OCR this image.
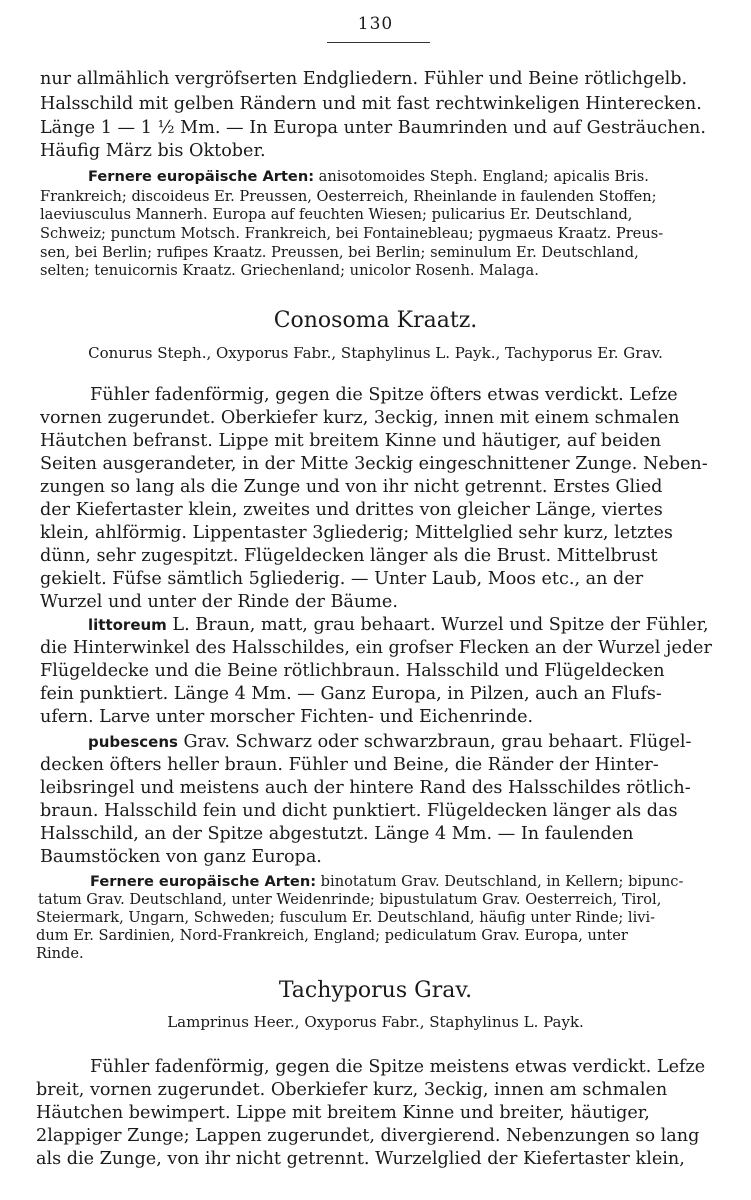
130
nur allmählich vergröfserten Endgliedern. Fühler und Beine rötlichgelb.
Halsschild mit gelben Rändern und mit fast rechtwinkeligen Hinterecken.
Länge 1 — 1 ½ Mm. — In Europa unter Baumrinden und auf Gesträuchen.
Häufig März bis Oktober.
Fernere europäische Arten: anisotomoides Steph. England; apicalis Bris.
Frankreich; discoideus Er. Preussen, Oesterreich, Rheinlande in faulenden Stoffen;
laeviusculus Mannerh. Europa auf feuchten Wiesen; pulicarius Er. Deutschland,
Schweiz; punctum Motsch. Frankreich, bei Fontainebleau; pygmaeus Kraatz. Preus-
sen, bei Berlin; rufipes Kraatz. Preussen, bei Berlin; seminulum Er. Deutschland,
selten; tenuicornis Kraatz. Griechenland; unicolor Rosenh. Malaga.
Conosoma Kraatz.
Conurus Steph., Oxyporus Fabr., Staphylinus L. Payk., Tachyporus Er. Grav.
Fühler fadenförmig, gegen die Spitze öfters etwas verdickt. Lefze
vornen zugerundet. Oberkiefer kurz, 3eckig, innen mit einem schmalen
Häutchen befranst. Lippe mit breitem Kinne und häutiger, auf beiden
Seiten ausgerandeter, in der Mitte 3eckig eingeschnittener Zunge. Neben-
zungen so lang als die Zunge und von ihr nicht getrennt. Erstes Glied
der Kiefertaster klein, zweites und drittes von gleicher Länge, viertes
klein, ahlförmig. Lippentaster 3gliederig; Mittelglied sehr kurz, letztes
dünn, sehr zugespitzt. Flügeldecken länger als die Brust. Mittelbrust
gekielt. Füfse sämtlich 5gliederig. — Unter Laub, Moos etc., an der
Wurzel und unter der Rinde der Bäume.
littoreum L. Braun, matt, grau behaart. Wurzel und Spitze der Fühler,
die Hinterwinkel des Halsschildes, ein grofser Flecken an der Wurzel jeder
Flügeldecke und die Beine rötlichbraun. Halsschild und Flügeldecken
fein punktiert. Länge 4 Mm. — Ganz Europa, in Pilzen, auch an Flufs-
ufern. Larve unter morscher Fichten- und Eichenrinde.
pubescens Grav. Schwarz oder schwarzbraun, grau behaart. Flügel-
decken öfters heller braun. Fühler und Beine, die Ränder der Hinter-
leibsringel und meistens auch der hintere Rand des Halsschildes rötlich-
braun. Halsschild fein und dicht punktiert. Flügeldecken länger als das
Halsschild, an der Spitze abgestutzt. Länge 4 Mm. — In faulenden
Baumstöcken von ganz Europa.
Fernere europäische Arten: binotatum Grav. Deutschland, in Kellern; bipunc-
tatum Grav. Deutschland, unter Weidenrinde; bipustulatum Grav. Oesterreich, Tirol,
Steiermark, Ungarn, Schweden; fusculum Er. Deutschland, häufig unter Rinde; livi-
dum Er. Sardinien, Nord-Frankreich, England; pediculatum Grav. Europa, unter
Rinde.
Tachyporus Grav.
Lamprinus Heer., Oxyporus Fabr., Staphylinus L. Payk.
Fühler fadenförmig, gegen die Spitze meistens etwas verdickt. Lefze
breit, vornen zugerundet. Oberkiefer kurz, 3eckig, innen am schmalen
Häutchen bewimpert. Lippe mit breitem Kinne und breiter, häutiger,
2lappiger Zunge; Lappen zugerundet, divergierend. Nebenzungen so lang
als die Zunge, von ihr nicht getrennt. Wurzelglied der Kiefertaster klein,
